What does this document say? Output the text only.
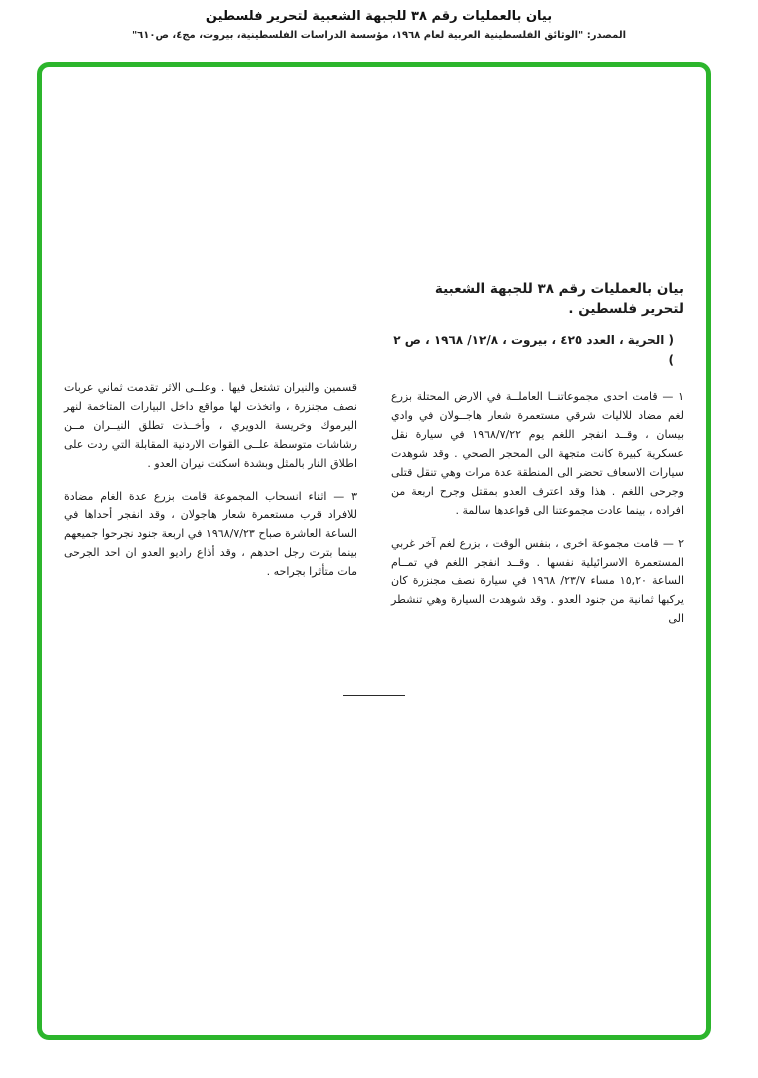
بيان بالعمليات رقم ٣٨ للجبهة الشعبية لتحرير فلسطين
المصدر: "الوثائق الفلسطينية العربية لعام ١٩٦٨، مؤسسة الدراسات الفلسطينية، بيروت، مج٤، ص٦١٠"
بيان بالعمليات رقم ٣٨ للجبهة الشعبية لتحرير فلسطين .
( الحرية ، العدد ٤٢٥ ، بيروت ، ١٢/٨/ ١٩٦٨ ، ص ٢ )

١ — قامت احدى مجموعاتنــا العاملــة في الارض المحتلة بزرع لغم مضاد للاليات شرقي مستعمرة شعار هاجــولان في وادي بيسان ، وقــد انفجر اللغم يوم ١٩٦٨/٧/٢٢ في سيارة نقل عسكرية كبيرة كانت متجهة الى المحجر الصحي . وقد شوهدت سيارات الاسعاف تحضر الى المنطقة عدة مرات وهي تنقل قتلى وجرحى اللغم . هذا وقد اعترف العدو بمقتل وجرح اربعة من افراده ، بينما عادت مجموعتنا الى قواعدها سالمة .

٢ — قامت مجموعة اخرى ، بنفس الوقت ، بزرع لغم آخر غربي المستعمرة الاسرائيلية نفسها . وقــد انفجر اللغم في تمــام الساعة ١٥,٢٠ مساء ٢٣/٧/ ١٩٦٨ في سيارة نصف مجنزرة كان يركبها ثمانية من جنود العدو . وقد شوهدت السيارة وهي تنشطر الى

قسمين والنيران تشتعل فيها . وعلــى الاثر تقدمت ثماني عربات نصف مجنزرة ، واتخذت لها مواقع داخل البيارات المتاخمة لنهر اليرموك وخريسة الدويري ، وأخــذت تطلق النيــران مــن رشاشات متوسطة علــى القوات الاردنية المقابلة التي ردت على اطلاق النار بالمثل وبشدة اسكتت نيران العدو .

٣ — اثناء انسحاب المجموعة قامت بزرع عدة الغام مضادة للافراد قرب مستعمرة شعار هاجولان ، وقد انفجر أحداها في الساعة العاشرة صباح ١٩٦٨/٧/٢٣ في اربعة جنود نجرحوا جميعهم بينما بترت رجل احدهم ، وقد أذاع راديو العدو ان احد الجرحى مات متأثرا بجراحه .
